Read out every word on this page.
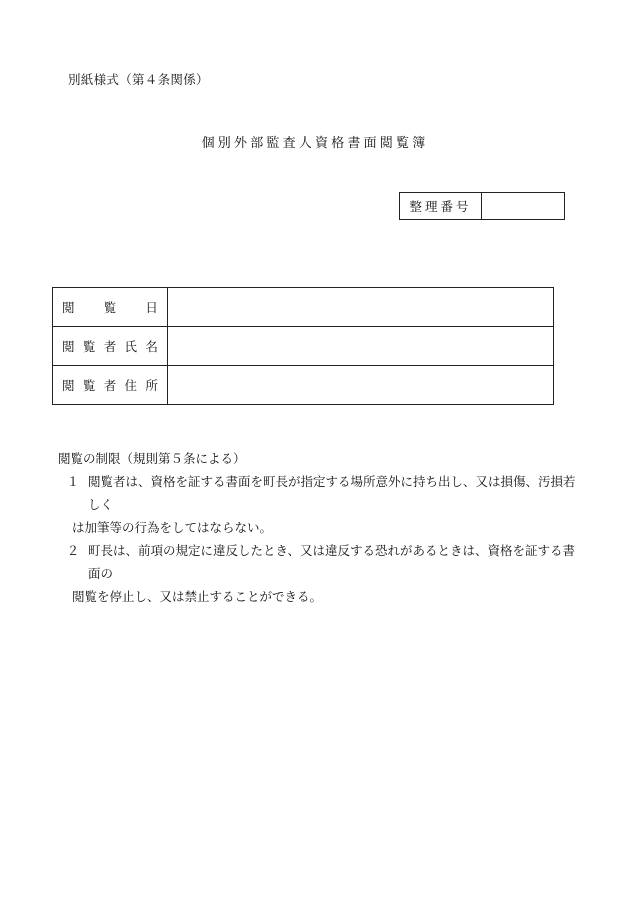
別紙様式（第４条関係）
個別外部監査人資格書面閲覧簿
整 理 番 号
閲 覧 日	

閲 覧 者 氏 名	

閲 覧 者 住 所	

閲覧の制限（規則第５条による）

１ 閲覧者は、資格を証する書面を町長が指定する場所意外に持ち出し、又は損傷、汚損若しく
は加筆等の行為をしてはならない。
２ 町長は、前項の規定に違反したとき、又は違反する恐れがあるときは、資格を証する書面の
閲覧を停止し、又は禁止することができる。
